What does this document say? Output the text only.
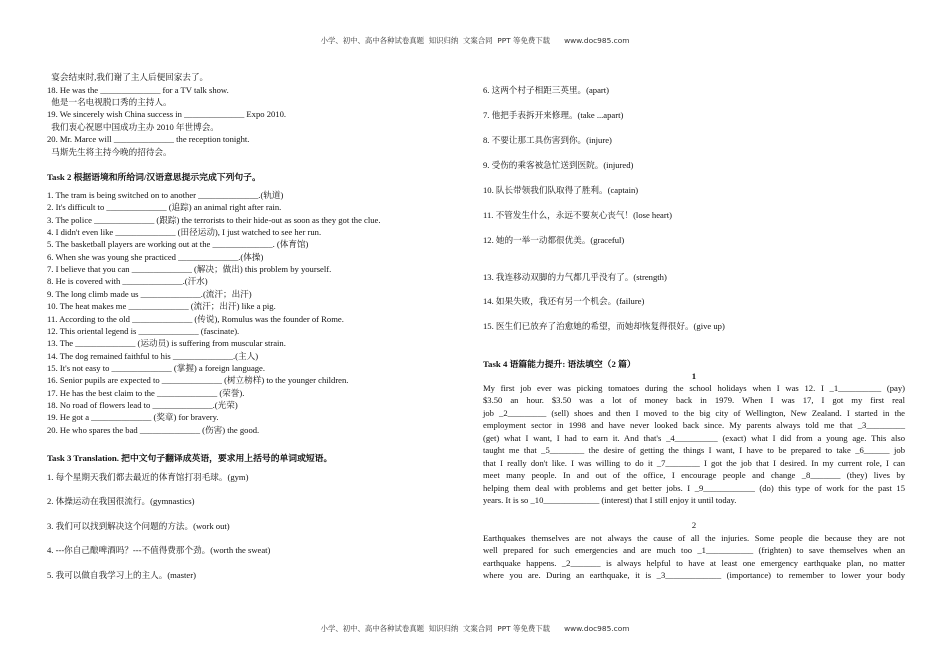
小学、初中、高中各种试卷真题  知识归纳  文案合同  PPT 等免费下载      www.doc985.com
宴会结束时,我们谢了主人后便回家去了。
18. He was the ______________ for a TV talk show.
他是一名电视脱口秀的主持人。
19. We sincerely wish China success in ______________ Expo 2010.
我们衷心祝愿中国成功主办 2010 年世博会。
20. Mr. Marce will ______________ the reception tonight.
马斯先生将主持今晚的招待会。
Task 2 根据语境和所给词/汉语意思提示完成下列句子。
1. The tram is being switched on to another ______________.(轨道)
2. It's difficult to ______________ (追踪) an animal right after rain.
3. The police ______________ (跟踪) the terrorists to their hide-out as soon as they got the clue.
4. I didn't even like ______________ (田径运动), I just watched to see her run.
5. The basketball players are working out at the ______________. (体育馆)
6. When she was young she practiced ______________.(体操)
7. I believe that you can ______________ (解决；做出) this problem by yourself.
8. He is covered with ______________.(汗水)
9. The long climb made us ______________.(流汗；出汗)
10. The heat makes me ______________ (流汗；出汗) like a pig.
11. According to the old ______________ (传说), Romulus was the founder of Rome.
12. This oriental legend is ______________ (fascinate).
13. The ______________ (运动员) is suffering from muscular strain.
14. The dog remained faithful to his ______________.(主人)
15. It's not easy to ______________ (掌握) a foreign language.
16. Senior pupils are expected to ______________ (树立榜样) to the younger children.
17. He has the best claim to the ______________ (荣誉).
18. No road of flowers lead to ______________.(光荣)
19. He got a ______________ (奖章) for bravery.
20. He who spares the bad ______________ (伤害) the good.
Task 3 Translation. 把中文句子翻译成英语，要求用上括号的单词或短语。
1. 每个星期天我们都去最近的体育馆打羽毛球。(gym)
2. 体操运动在我国很流行。(gymnastics)
3. 我们可以找到解决这个问题的方法。(work out)
4. ---你自己酿啤酒吗？---不值得费那个劲。(worth the sweat)
5. 我可以做自我学习上的主人。(master)
6. 这两个村子相距三英里。(apart)
7. 他把手表拆开来修理。(take ...apart)
8. 不要让那工具伤害到你。(injure)
9. 受伤的乘客被急忙送到医院。(injured)
10. 队长带领我们队取得了胜利。(captain)
11. 不管发生什么，永远不要灰心丧气！(lose heart)
12. 她的一举一动都很优美。(graceful)
13. 我连移动双脚的力气都几乎没有了。(strength)
14. 如果失败，我还有另一个机会。(failure)
15. 医生们已放弃了治愈她的希望，而她却恢复得很好。(give up)
Task 4 语篇能力提升: 语法填空（2 篇）
1
My first job ever was picking tomatoes during the school holidays when I was 12. I _1__________ (pay)
$3.50 an hour. $3.50 was a lot of money back in 1979. When I was 17, I got my first real
job _2_________ (sell) shoes and then I moved to the big city of Wellington, New Zealand. I started in the
employment sector in 1998 and have never looked back since. My parents always told me that _3_________
(get) what I want, I had to earn it. And that's _4__________ (exact) what I did from a young age. This also
taught me that _5________ the desire of getting the things I want, I have to be prepared to take _6______ job
that I really don't like. I was willing to do it _7________ I got the job that I desired. In my current role, I can
meet many people. In and out of the office, I encourage people and change _8_______ (they) lives by
helping them deal with problems and get better jobs. I _9____________ (do) this type of work for the past 15
years. It is so _10_____________ (interest) that I still enjoy it until today.
2
Earthquakes themselves are not always the cause of all the injuries. Some people die because they are not
well prepared for such emergencies and are much too _1___________ (frighten) to save themselves when an
earthquake happens. _2_______ is always helpful to have at least one emergency earthquake plan, no matter
where you are. During an earthquake, it is _3_____________ (importance) to remember to lower your body
小学、初中、高中各种试卷真题  知识归纳  文案合同  PPT 等免费下载      www.doc985.com
